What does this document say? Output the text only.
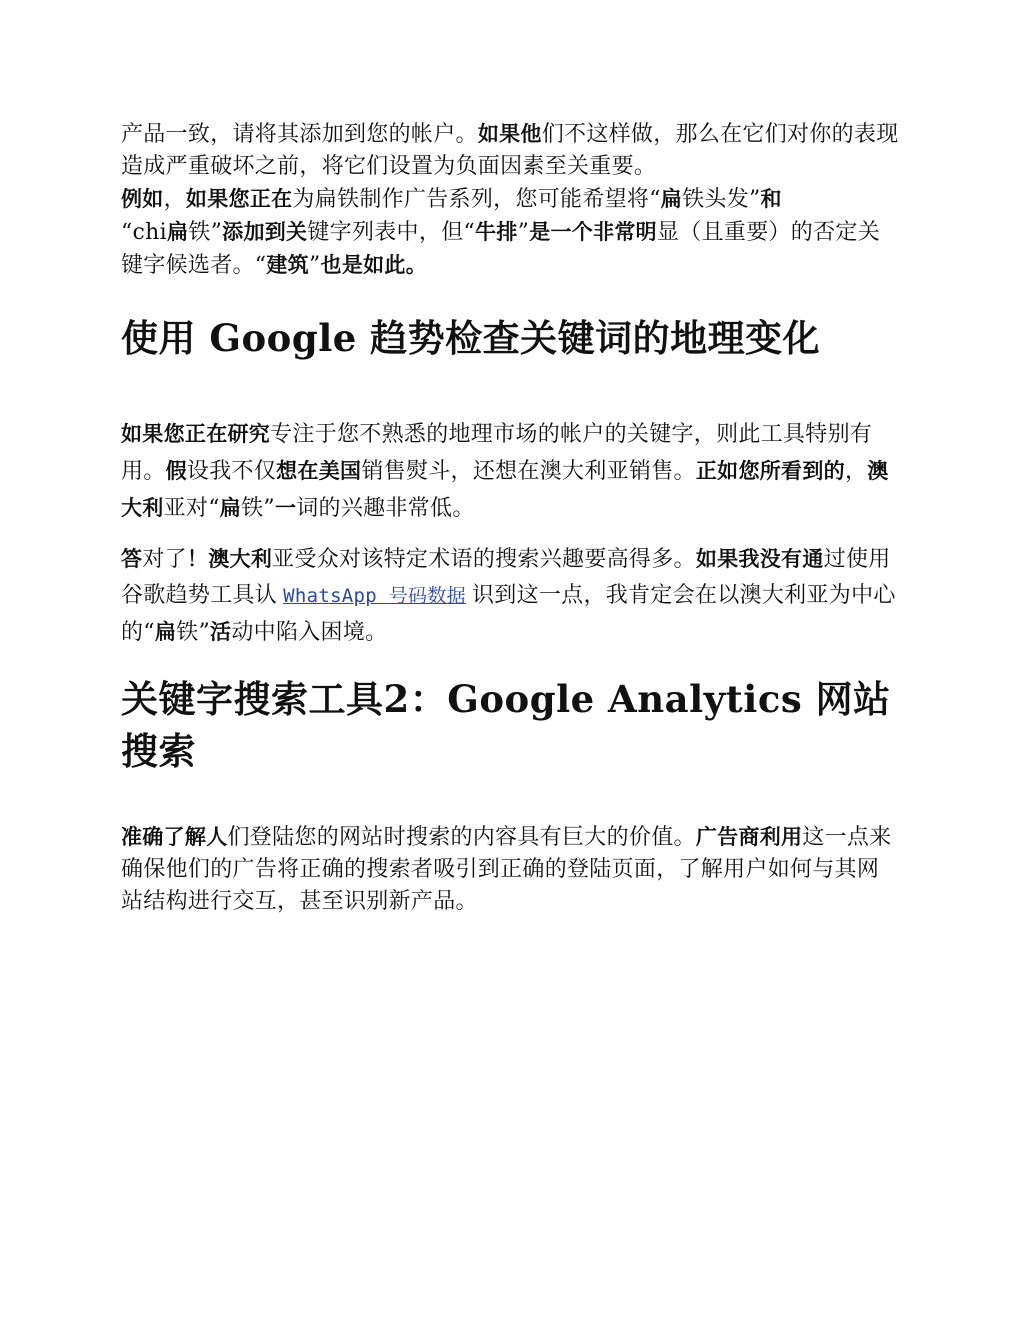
产品一致，请将其添加到您的帐户。如果他们不这样做，那么在它们对你的表现造成严重破坏之前，将它们设置为负面因素至关重要。

例如，如果您正在为扁铁制作广告系列，您可能希望将“扁铁头发”和
“chi扁铁”添加到关键字列表中，但“牛排”是一个非常明显（且重要）的否定关键字候选者。“建筑”也是如此。

使用 Google 趋势检查关键词的地理变化

如果您正在研究专注于您不熟悉的地理市场的帐户的关键字，则此工具特别有用。假设我不仅想在美国销售熨斗，还想在澳大利亚销售。正如您所看到的，澳大利亚对“扁铁”一词的兴趣非常低。

答对了！澳大利亚受众对该特定术语的搜索兴趣要高得多。如果我没有通过使用谷歌趋势工具认 WhatsApp 号码数据 识到这一点，我肯定会在以澳大利亚为中心的“扁铁”活动中陷入困境。

关键字搜索工具2：Google Analytics 网站搜索

准确了解人们登陆您的网站时搜索的内容具有巨大的价值。广告商利用这一点来确保他们的广告将正确的搜索者吸引到正确的登陆页面，了解用户如何与其网站结构进行交互，甚至识别新产品。
